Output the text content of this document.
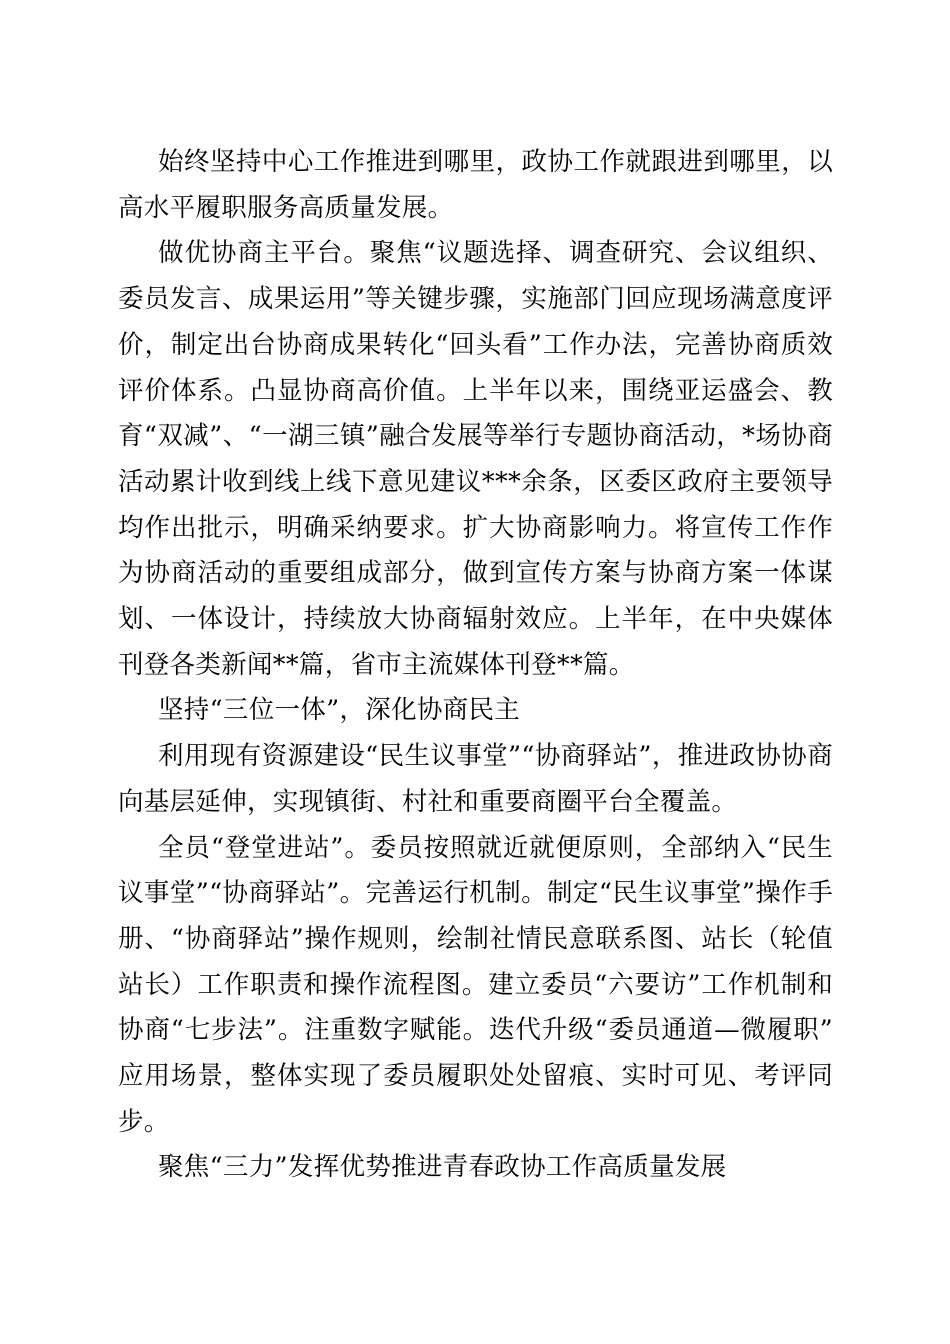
始终坚持中心工作推进到哪里，政协工作就跟进到哪里，以高水平履职服务高质量发展。

做优协商主平台。聚焦“议题选择、调查研究、会议组织、委员发言、成果运用”等关键步骤，实施部门回应现场满意度评价，制定出台协商成果转化“回头看”工作办法，完善协商质效评价体系。凸显协商高价值。上半年以来，围绕亚运盛会、教育“双减”、“一湖三镇”融合发展等举行专题协商活动，*场协商活动累计收到线上线下意见建议***余条，区委区政府主要领导均作出批示，明确采纳要求。扩大协商影响力。将宣传工作作为协商活动的重要组成部分，做到宣传方案与协商方案一体谋划、一体设计，持续放大协商辐射效应。上半年，在中央媒体刊登各类新闻**篇，省市主流媒体刊登**篇。

坚持“三位一体”，深化协商民主

利用现有资源建设“民生议事堂”“协商驿站”，推进政协协商向基层延伸，实现镇街、村社和重要商圈平台全覆盖。

全员“登堂进站”。委员按照就近就便原则，全部纳入“民生议事堂”“协商驿站”。完善运行机制。制定“民生议事堂”操作手册、“协商驿站”操作规则，绘制社情民意联系图、站长（轮值站长）工作职责和操作流程图。建立委员“六要访”工作机制和协商“七步法”。注重数字赋能。迭代升级“委员通道—微履职”应用场景，整体实现了委员履职处处留痕、实时可见、考评同步。

聚焦“三力”发挥优势推进青春政协工作高质量发展
